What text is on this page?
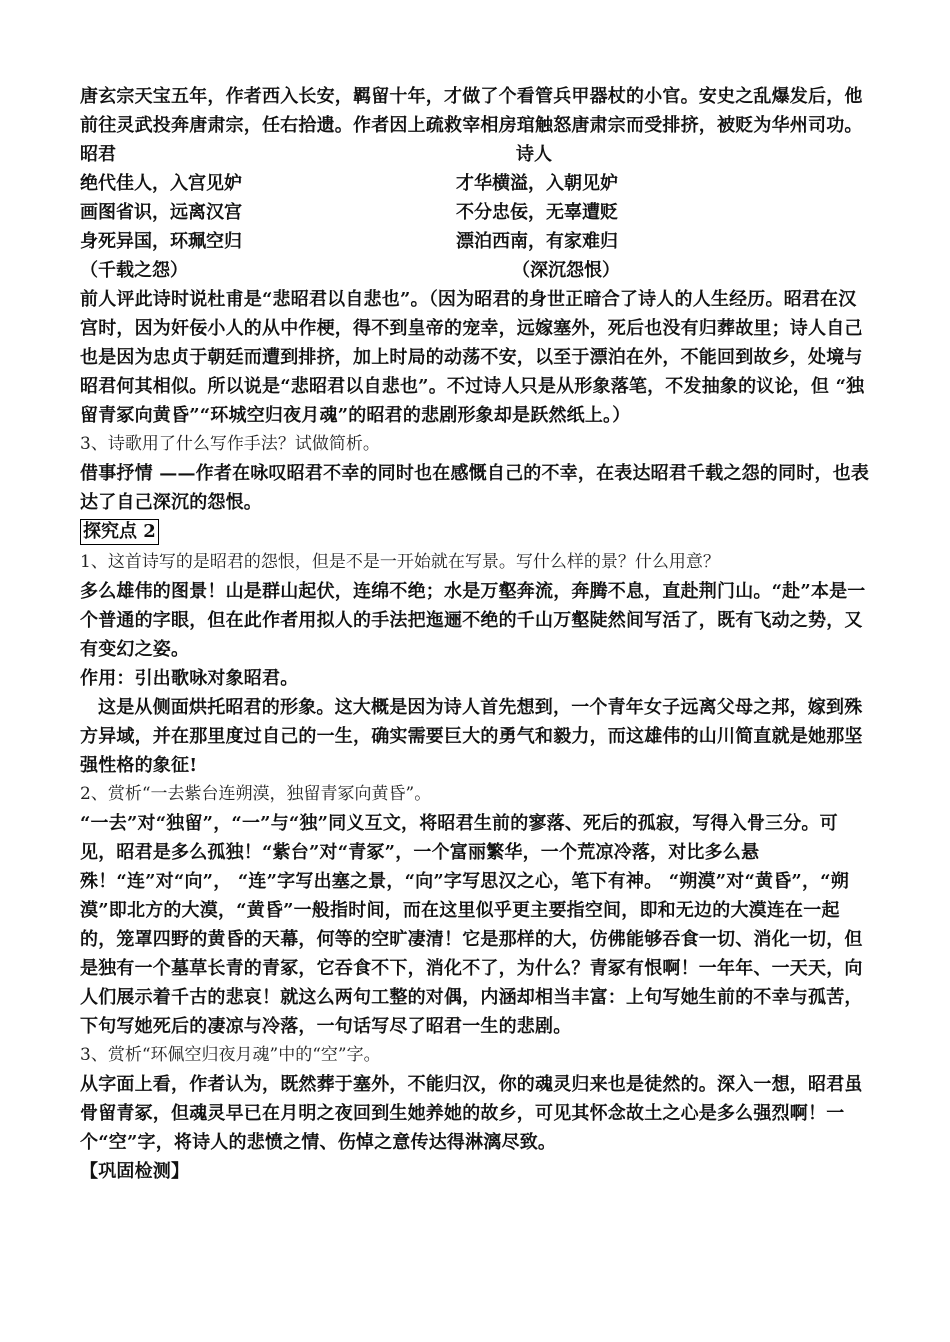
唐玄宗天宝五年，作者西入长安，羁留十年，才做了个看管兵甲器杖的小官。安史之乱爆发后，他前往灵武投奔唐肃宗，任右拾遗。作者因上疏救宰相房琯触怒唐肃宗而受排挤，被贬为华州司功。

昭君	诗人
绝代佳人，入宫见妒	才华横溢，入朝见妒
画图省识，远离汉宫	不分忠佞，无辜遭贬
身死异国，环珮空归	漂泊西南，有家难归
（千载之怨）	（深沉怨恨）

前人评此诗时说杜甫是“悲昭君以自悲也”。（因为昭君的身世正暗合了诗人的人生经历。昭君在汉宫时，因为奸佞小人的从中作梗，得不到皇帝的宠幸，远嫁塞外，死后也没有归葬故里；诗人自己也是因为忠贞于朝廷而遭到排挤，加上时局的动荡不安，以至于漂泊在外，不能回到故乡，处境与昭君何其相似。所以说是“悲昭君以自悲也”。不过诗人只是从形象落笔，不发抽象的议论，但 “独留青冢向黄昏”“环城空归夜月魂”的昭君的悲剧形象却是跃然纸上。）

3、诗歌用了什么写作手法？试做简析。

借事抒情 ——作者在咏叹昭君不幸的同时也在感慨自己的不幸，在表达昭君千载之怨的同时，也表达了自己深沉的怨恨。

探究点 2

1、这首诗写的是昭君的怨恨，但是不是一开始就在写景。写什么样的景？什么用意？

多么雄伟的图景！山是群山起伏，连绵不绝；水是万壑奔流，奔腾不息，直赴荆门山。“赴”本是一个普通的字眼，但在此作者用拟人的手法把迤逦不绝的千山万壑陡然间写活了，既有飞动之势，又有变幻之姿。

作用：引出歌咏对象昭君。

这是从侧面烘托昭君的形象。这大概是因为诗人首先想到，一个青年女子远离父母之邦，嫁到殊方异域，并在那里度过自己的一生，确实需要巨大的勇气和毅力，而这雄伟的山川简直就是她那坚强性格的象征!

2、赏析“一去紫台连朔漠，独留青冢向黄昏”。

“一去”对“独留”，“一”与“独”同义互文，将昭君生前的寥落、死后的孤寂，写得入骨三分。可见，昭君是多么孤独！“紫台”对“青冢”，一个富丽繁华，一个荒凉冷落，对比多么悬殊！“连”对“向”， “连”字写出塞之景，“向”字写思汉之心，笔下有神。 “朔漠”对“黄昏”，“朔漠”即北方的大漠，“黄昏”一般指时间，而在这里似乎更主要指空间，即和无边的大漠连在一起的，笼罩四野的黄昏的天幕，何等的空旷凄清！它是那样的大，仿佛能够吞食一切、消化一切，但是独有一个墓草长青的青冢，它吞食不下，消化不了，为什么？青冢有恨啊！一年年、一天天，向人们展示着千古的悲哀！就这么两句工整的对偶，内涵却相当丰富：上句写她生前的不幸与孤苦，下句写她死后的凄凉与冷落，一句话写尽了昭君一生的悲剧。

3、赏析“环佩空归夜月魂”中的“空”字。

从字面上看，作者认为，既然葬于塞外，不能归汉，你的魂灵归来也是徒然的。深入一想，昭君虽骨留青冢，但魂灵早已在月明之夜回到生她养她的故乡，可见其怀念故土之心是多么强烈啊！一个“空”字，将诗人的悲愤之情、伤悼之意传达得淋漓尽致。

【巩固检测】
